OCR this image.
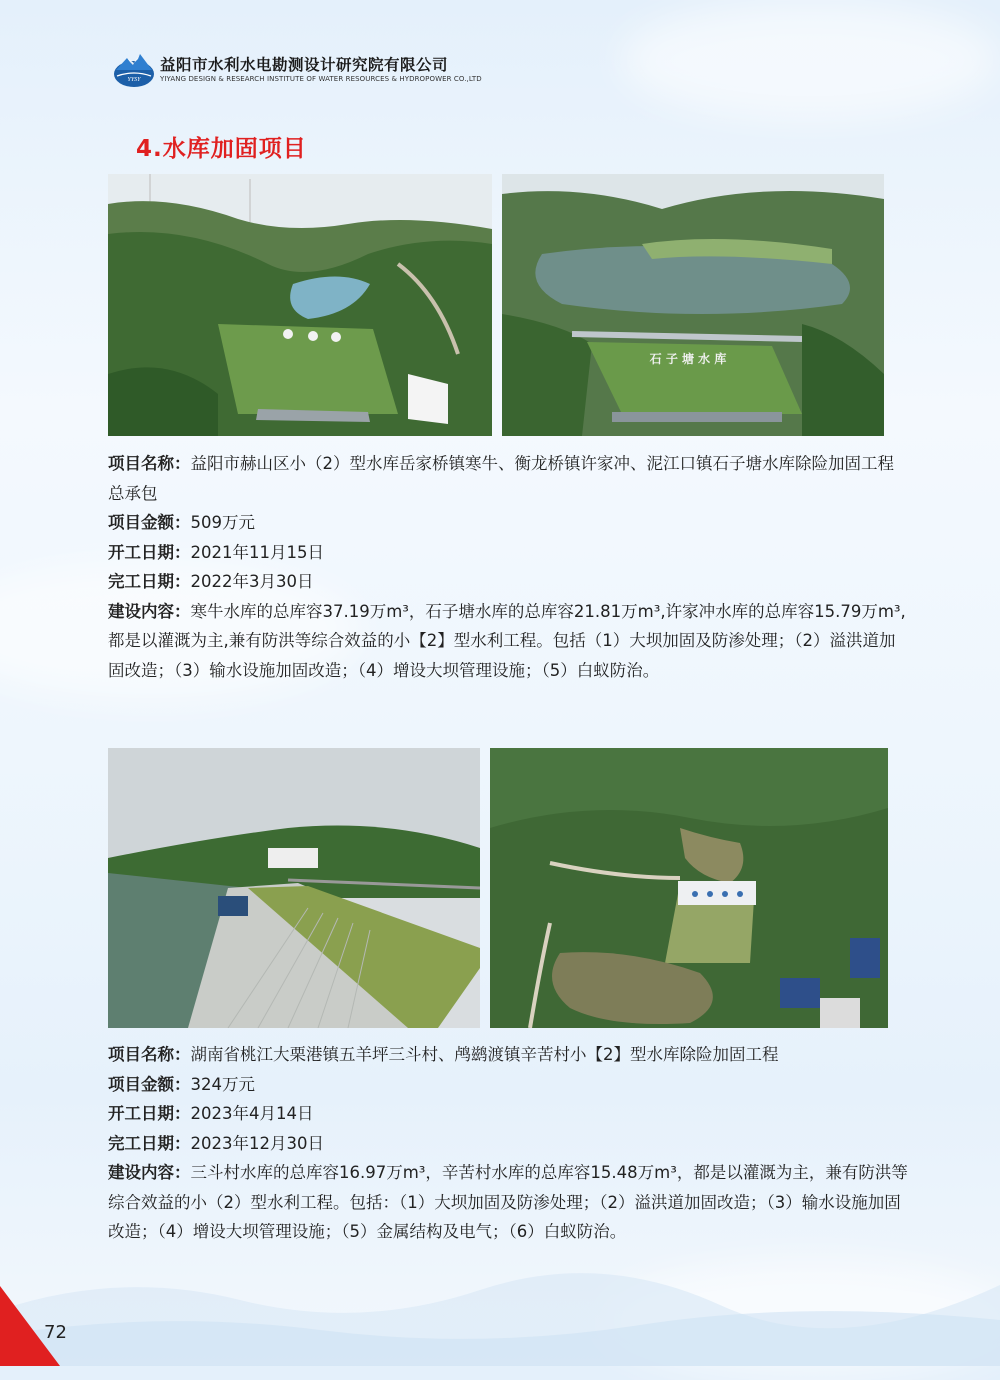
YYSY
益阳市水利水电勘测设计研究院有限公司
YIYANG DESIGN & RESEARCH INSTITUTE OF WATER RESOURCES & HYDROPOWER CO.,LTD
4.水库加固项目
石 子 塘 水 库

项目名称：益阳市赫山区小（2）型水库岳家桥镇寒牛、衡龙桥镇许家冲、泥江口镇石子塘水库除险加固工程总承包

项目金额：509万元

开工日期：2021年11月15日

完工日期：2022年3月30日

建设内容：寒牛水库的总库容37.19万m³，石子塘水库的总库容21.81万m³,许家冲水库的总库容15.79万m³,都是以灌溉为主,兼有防洪等综合效益的小【2】型水利工程。包括（1）大坝加固及防渗处理；（2）溢洪道加固改造；（3）输水设施加固改造；（4）增设大坝管理设施；（5）白蚁防治。

项目名称：湖南省桃江大栗港镇五羊坪三斗村、鸬鹚渡镇辛苦村小【2】型水库除险加固工程

项目金额：324万元

开工日期：2023年4月14日

完工日期：2023年12月30日

建设内容：三斗村水库的总库容16.97万m³，辛苦村水库的总库容15.48万m³，都是以灌溉为主，兼有防洪等综合效益的小（2）型水利工程。包括：（1）大坝加固及防渗处理；（2）溢洪道加固改造；（3）输水设施加固改造；（4）增设大坝管理设施；（5）金属结构及电气；（6）白蚁防治。

72
